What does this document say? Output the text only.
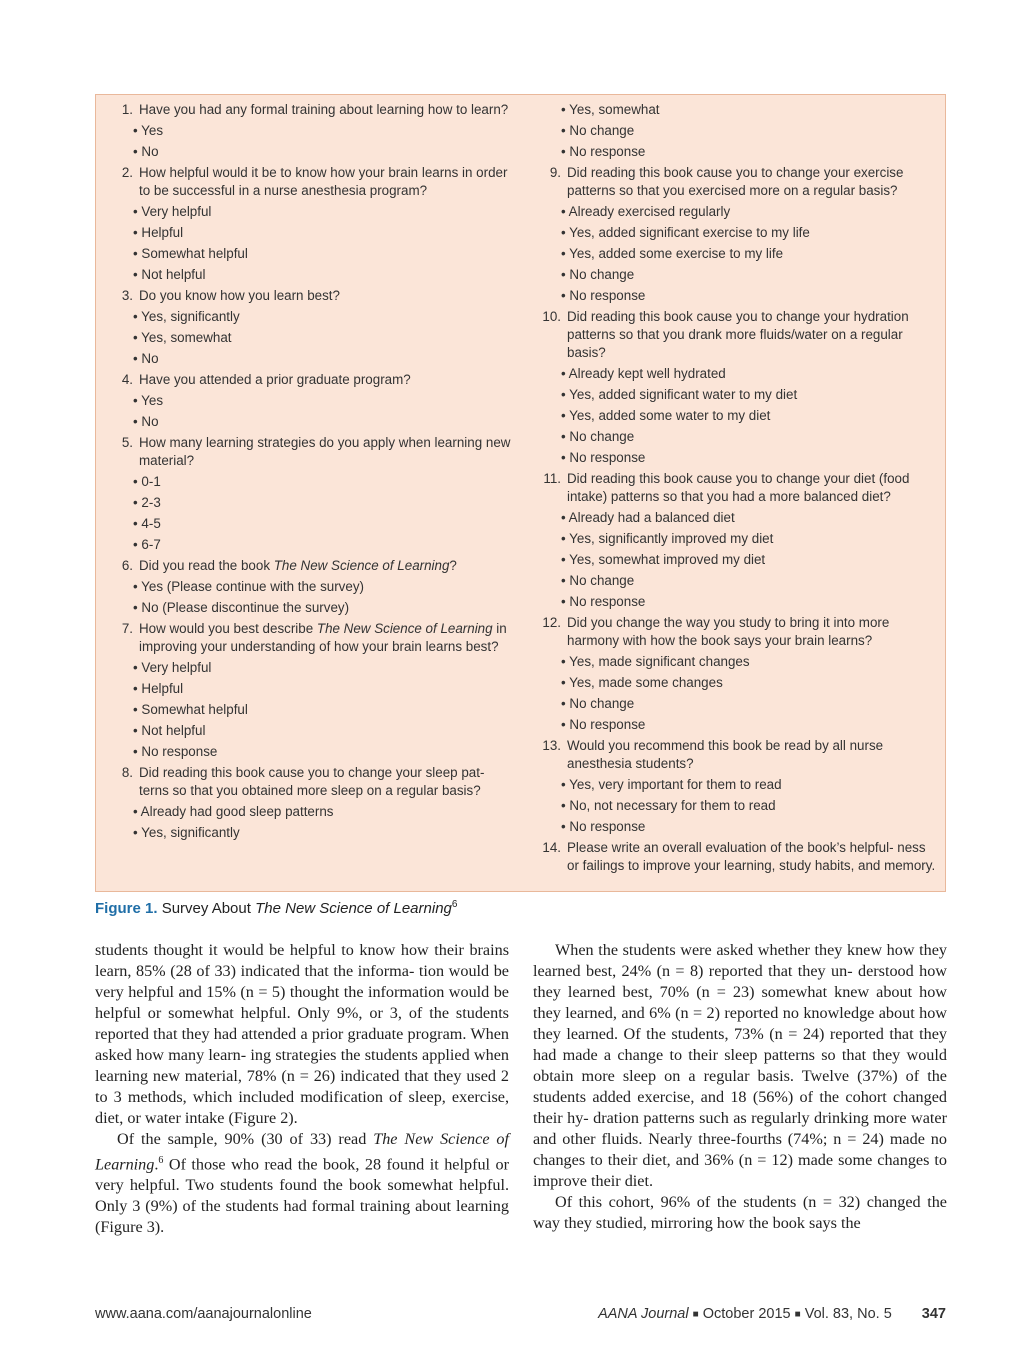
1. Have you had any formal training about learning how to learn?
• Yes
• No
2. How helpful would it be to know how your brain learns in order to be successful in a nurse anesthesia program?
• Very helpful
• Helpful
• Somewhat helpful
• Not helpful
3. Do you know how you learn best?
• Yes, significantly
• Yes, somewhat
• No
4. Have you attended a prior graduate program?
• Yes
• No
5. How many learning strategies do you apply when learning new material?
• 0-1
• 2-3
• 4-5
• 6-7
6. Did you read the book The New Science of Learning?
• Yes (Please continue with the survey)
• No (Please discontinue the survey)
7. How would you best describe The New Science of Learning in improving your understanding of how your brain learns best?
• Very helpful
• Helpful
• Somewhat helpful
• Not helpful
• No response
8. Did reading this book cause you to change your sleep pat- terns so that you obtained more sleep on a regular basis?
• Already had good sleep patterns
• Yes, significantly
• Yes, somewhat
• No change
• No response
9. Did reading this book cause you to change your exercise patterns so that you exercised more on a regular basis?
• Already exercised regularly
• Yes, added significant exercise to my life
• Yes, added some exercise to my life
• No change
• No response
10. Did reading this book cause you to change your hydration patterns so that you drank more fluids/water on a regular basis?
• Already kept well hydrated
• Yes, added significant water to my diet
• Yes, added some water to my diet
• No change
• No response
11. Did reading this book cause you to change your diet (food intake) patterns so that you had a more balanced diet?
• Already had a balanced diet
• Yes, significantly improved my diet
• Yes, somewhat improved my diet
• No change
• No response
12. Did you change the way you study to bring it into more harmony with how the book says your brain learns?
• Yes, made significant changes
• Yes, made some changes
• No change
• No response
13. Would you recommend this book be read by all nurse anesthesia students?
• Yes, very important for them to read
• No, not necessary for them to read
• No response
14. Please write an overall evaluation of the book’s helpful- ness or failings to improve your learning, study habits, and memory.
Figure 1. Survey About The New Science of Learning$^6$

students thought it would be helpful to know how their brains learn, 85% (28 of 33) indicated that the informa- tion would be very helpful and 15% (n = 5) thought the information would be helpful or somewhat helpful. Only 9%, or 3, of the students reported that they had attended a prior graduate program. When asked how many learn- ing strategies the students applied when learning new material, 78% (n = 26) indicated that they used 2 to 3 methods, which included modification of sleep, exercise, diet, or water intake (Figure 2).

Of the sample, 90% (30 of 33) read The New Science of Learning.$^6$ Of those who read the book, 28 found it helpful or very helpful. Two students found the book somewhat helpful. Only 3 (9%) of the students had formal training about learning (Figure 3).

When the students were asked whether they knew how they learned best, 24% (n = 8) reported that they un- derstood how they learned best, 70% (n = 23) somewhat knew about how they learned, and 6% (n = 2) reported no knowledge about how they learned. Of the students, 73% (n = 24) reported that they had made a change to their sleep patterns so that they would obtain more sleep on a regular basis. Twelve (37%) of the students added exercise, and 18 (56%) of the cohort changed their hy- dration patterns such as regularly drinking more water and other fluids. Nearly three-fourths (74%; n = 24) made no changes to their diet, and 36% (n = 12) made some changes to improve their diet.

Of this cohort, 96% of the students (n = 32) changed the way they studied, mirroring how the book says the

www.aana.com/aanajournalonline	AANA Journal ■ October 2015 ■ Vol. 83, No. 5 347
